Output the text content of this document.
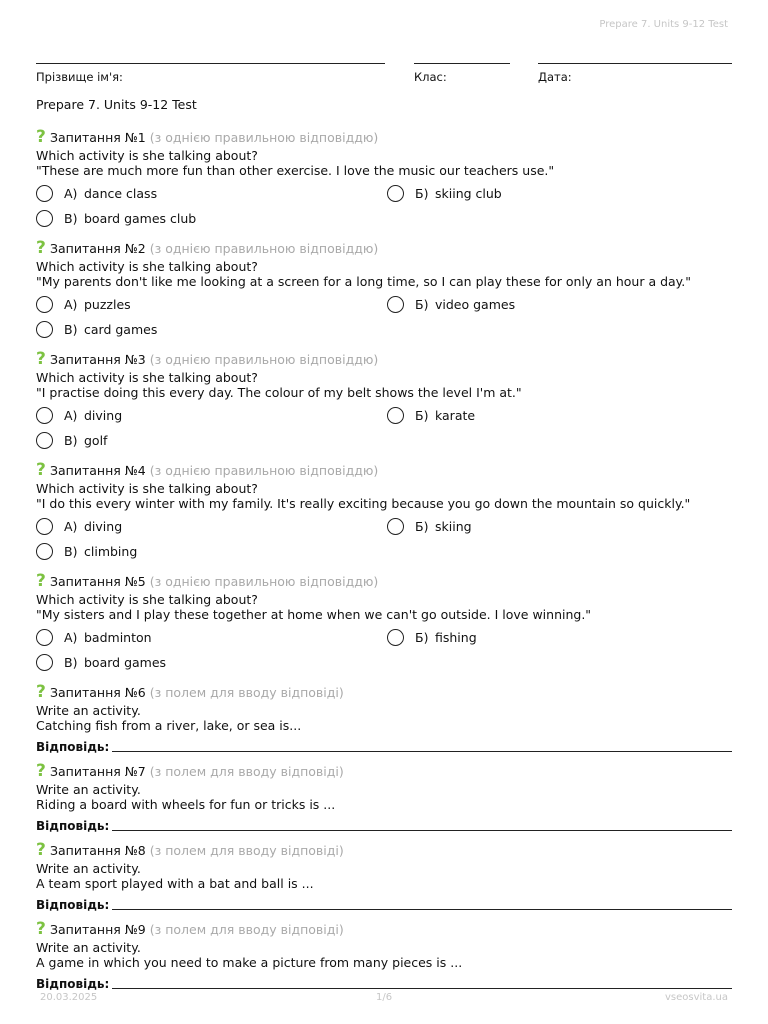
Prepare 7. Units 9-12 Test
Прізвище ім'я:	Клас:	Дата:
Prepare 7. Units 9-12 Test
? Запитання №1 (з однією правильною відповіддю)
Which activity is she talking about?
"These are much more fun than other exercise. I love the music our teachers use."
А) dance class	Б) skiing club
В) board games club
? Запитання №2 (з однією правильною відповіддю)
Which activity is she talking about?
"My parents don't like me looking at a screen for a long time, so I can play these for only an hour a day."
А) puzzles	Б) video games
В) card games
? Запитання №3 (з однією правильною відповіддю)
Which activity is she talking about?
"I practise doing this every day. The colour of my belt shows the level I'm at."
А) diving	Б) karate
В) golf
? Запитання №4 (з однією правильною відповіддю)
Which activity is she talking about?
"I do this every winter with my family. It's really exciting because you go down the mountain so quickly."
А) diving	Б) skiing
В) climbing
? Запитання №5 (з однією правильною відповіддю)
Which activity is she talking about?
"My sisters and I play these together at home when we can't go outside. I love winning."
А) badminton	Б) fishing
В) board games
? Запитання №6 (з полем для вводу відповіді)
Write an activity.
Catching fish from a river, lake, or sea is...
Відповідь:
? Запитання №7 (з полем для вводу відповіді)
Write an activity.
Riding a board with wheels for fun or tricks is ...
Відповідь:
? Запитання №8 (з полем для вводу відповіді)
Write an activity.
A team sport played with a bat and ball is ...
Відповідь:
? Запитання №9 (з полем для вводу відповіді)
Write an activity.
A game in which you need to make a picture from many pieces is ...
Відповідь:
20.03.2025	1/6	vseosvita.ua
